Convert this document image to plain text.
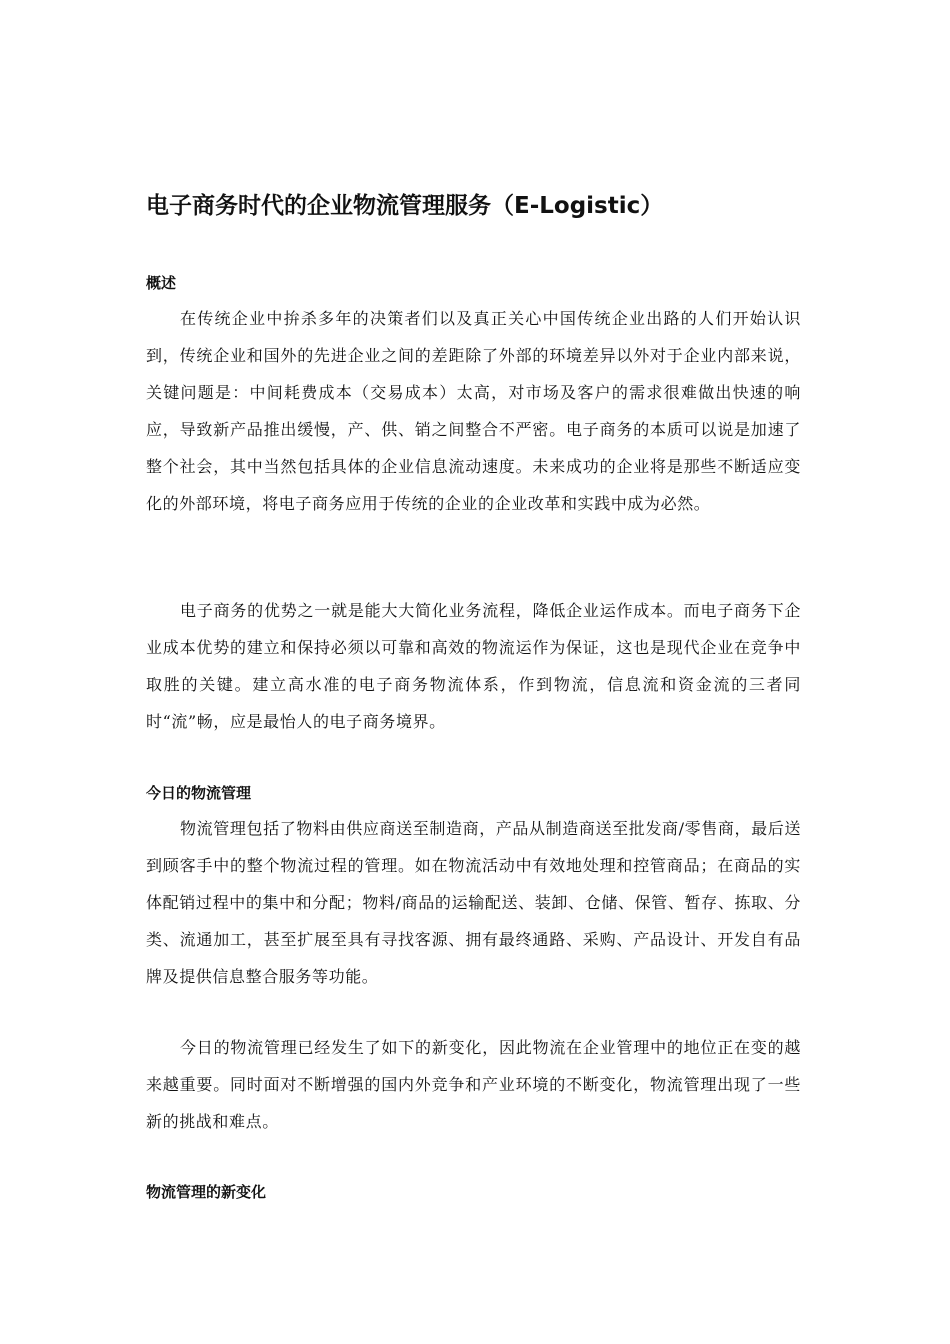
电子商务时代的企业物流管理服务（E-Logistic）
概述

在传统企业中拚杀多年的决策者们以及真正关心中国传统企业出路的人们开始认识到，传统企业和国外的先进企业之间的差距除了外部的环境差异以外对于企业内部来说，关键问题是：中间耗费成本（交易成本）太高，对市场及客户的需求很难做出快速的响应，导致新产品推出缓慢，产、供、销之间整合不严密。电子商务的本质可以说是加速了整个社会，其中当然包括具体的企业信息流动速度。未来成功的企业将是那些不断适应变化的外部环境，将电子商务应用于传统的企业的企业改革和实践中成为必然。

电子商务的优势之一就是能大大简化业务流程，降低企业运作成本。而电子商务下企业成本优势的建立和保持必须以可靠和高效的物流运作为保证，这也是现代企业在竞争中取胜的关键。建立高水准的电子商务物流体系，作到物流，信息流和资金流的三者同时“流”畅，应是最怡人的电子商务境界。

今日的物流管理

物流管理包括了物料由供应商送至制造商，产品从制造商送至批发商/零售商，最后送到顾客手中的整个物流过程的管理。如在物流活动中有效地处理和控管商品；在商品的实体配销过程中的集中和分配；物料/商品的运输配送、装卸、仓储、保管、暂存、拣取、分类、流通加工，甚至扩展至具有寻找客源、拥有最终通路、采购、产品设计、开发自有品牌及提供信息整合服务等功能。

今日的物流管理已经发生了如下的新变化，因此物流在企业管理中的地位正在变的越来越重要。同时面对不断增强的国内外竞争和产业环境的不断变化，物流管理出现了一些新的挑战和难点。

物流管理的新变化
